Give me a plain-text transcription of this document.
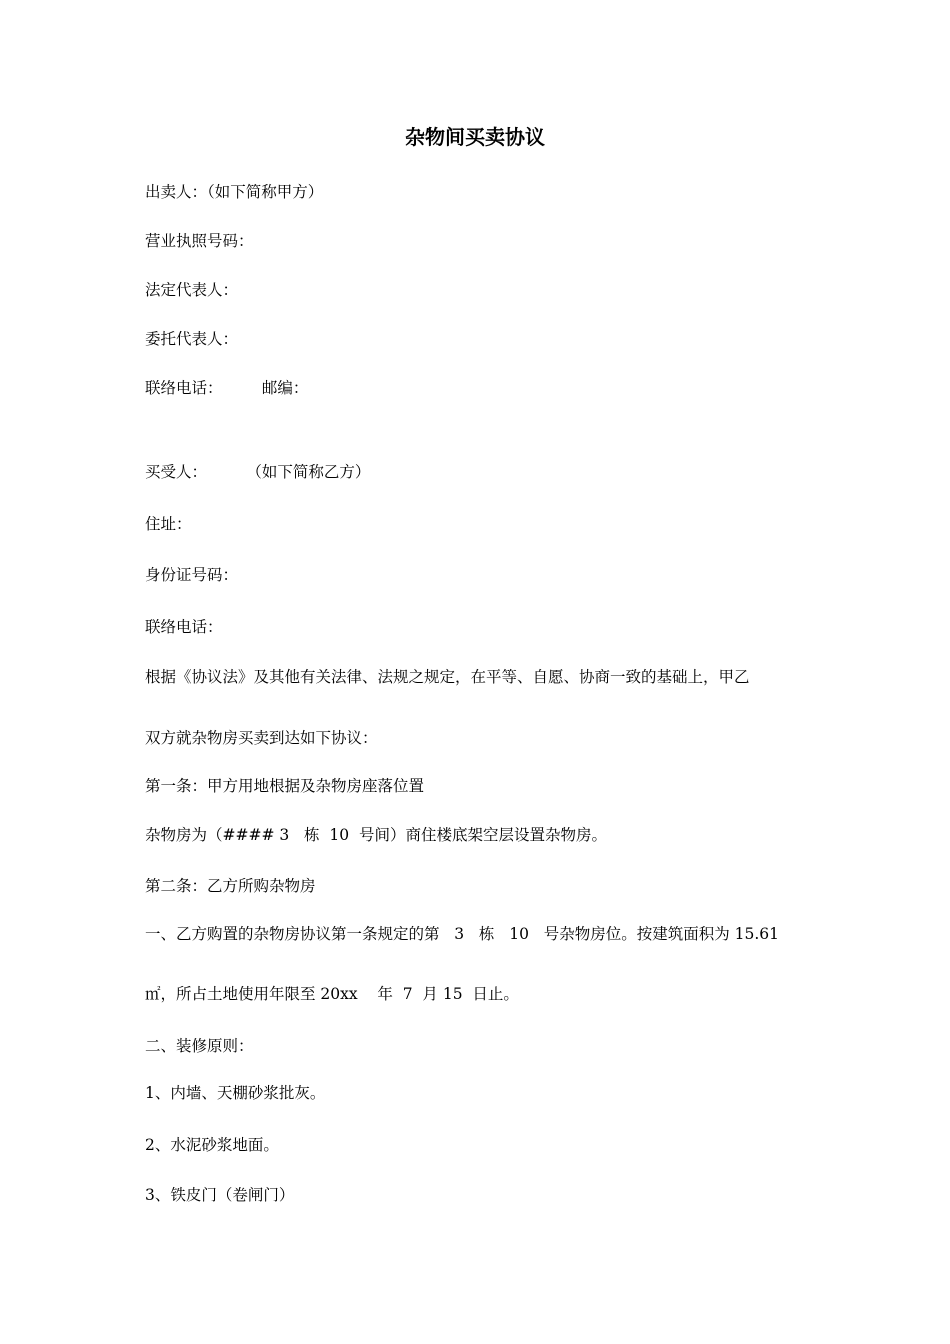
杂物间买卖协议

出卖人：（如下简称甲方）

营业执照号码：

法定代表人：

委托代表人：

联络电话：        邮编：

买受人：        （如下简称乙方）

住址：

身份证号码：

联络电话：

根据《协议法》及其他有关法律、法规之规定，在平等、自愿、协商一致的基础上，甲乙

双方就杂物房买卖到达如下协议：

第一条：甲方用地根据及杂物房座落位置

杂物房为（#### 3   栋  10  号间）商住楼底架空层设置杂物房。

第二条：乙方所购杂物房

一、乙方购置的杂物房协议第一条规定的第   3   栋   10   号杂物房位。按建筑面积为 15.61

㎡，所占土地使用年限至 20xx    年  7  月 15  日止。

二、装修原则：

1、内墙、天棚砂浆批灰。

2、水泥砂浆地面。

3、铁皮门（卷闸门）
